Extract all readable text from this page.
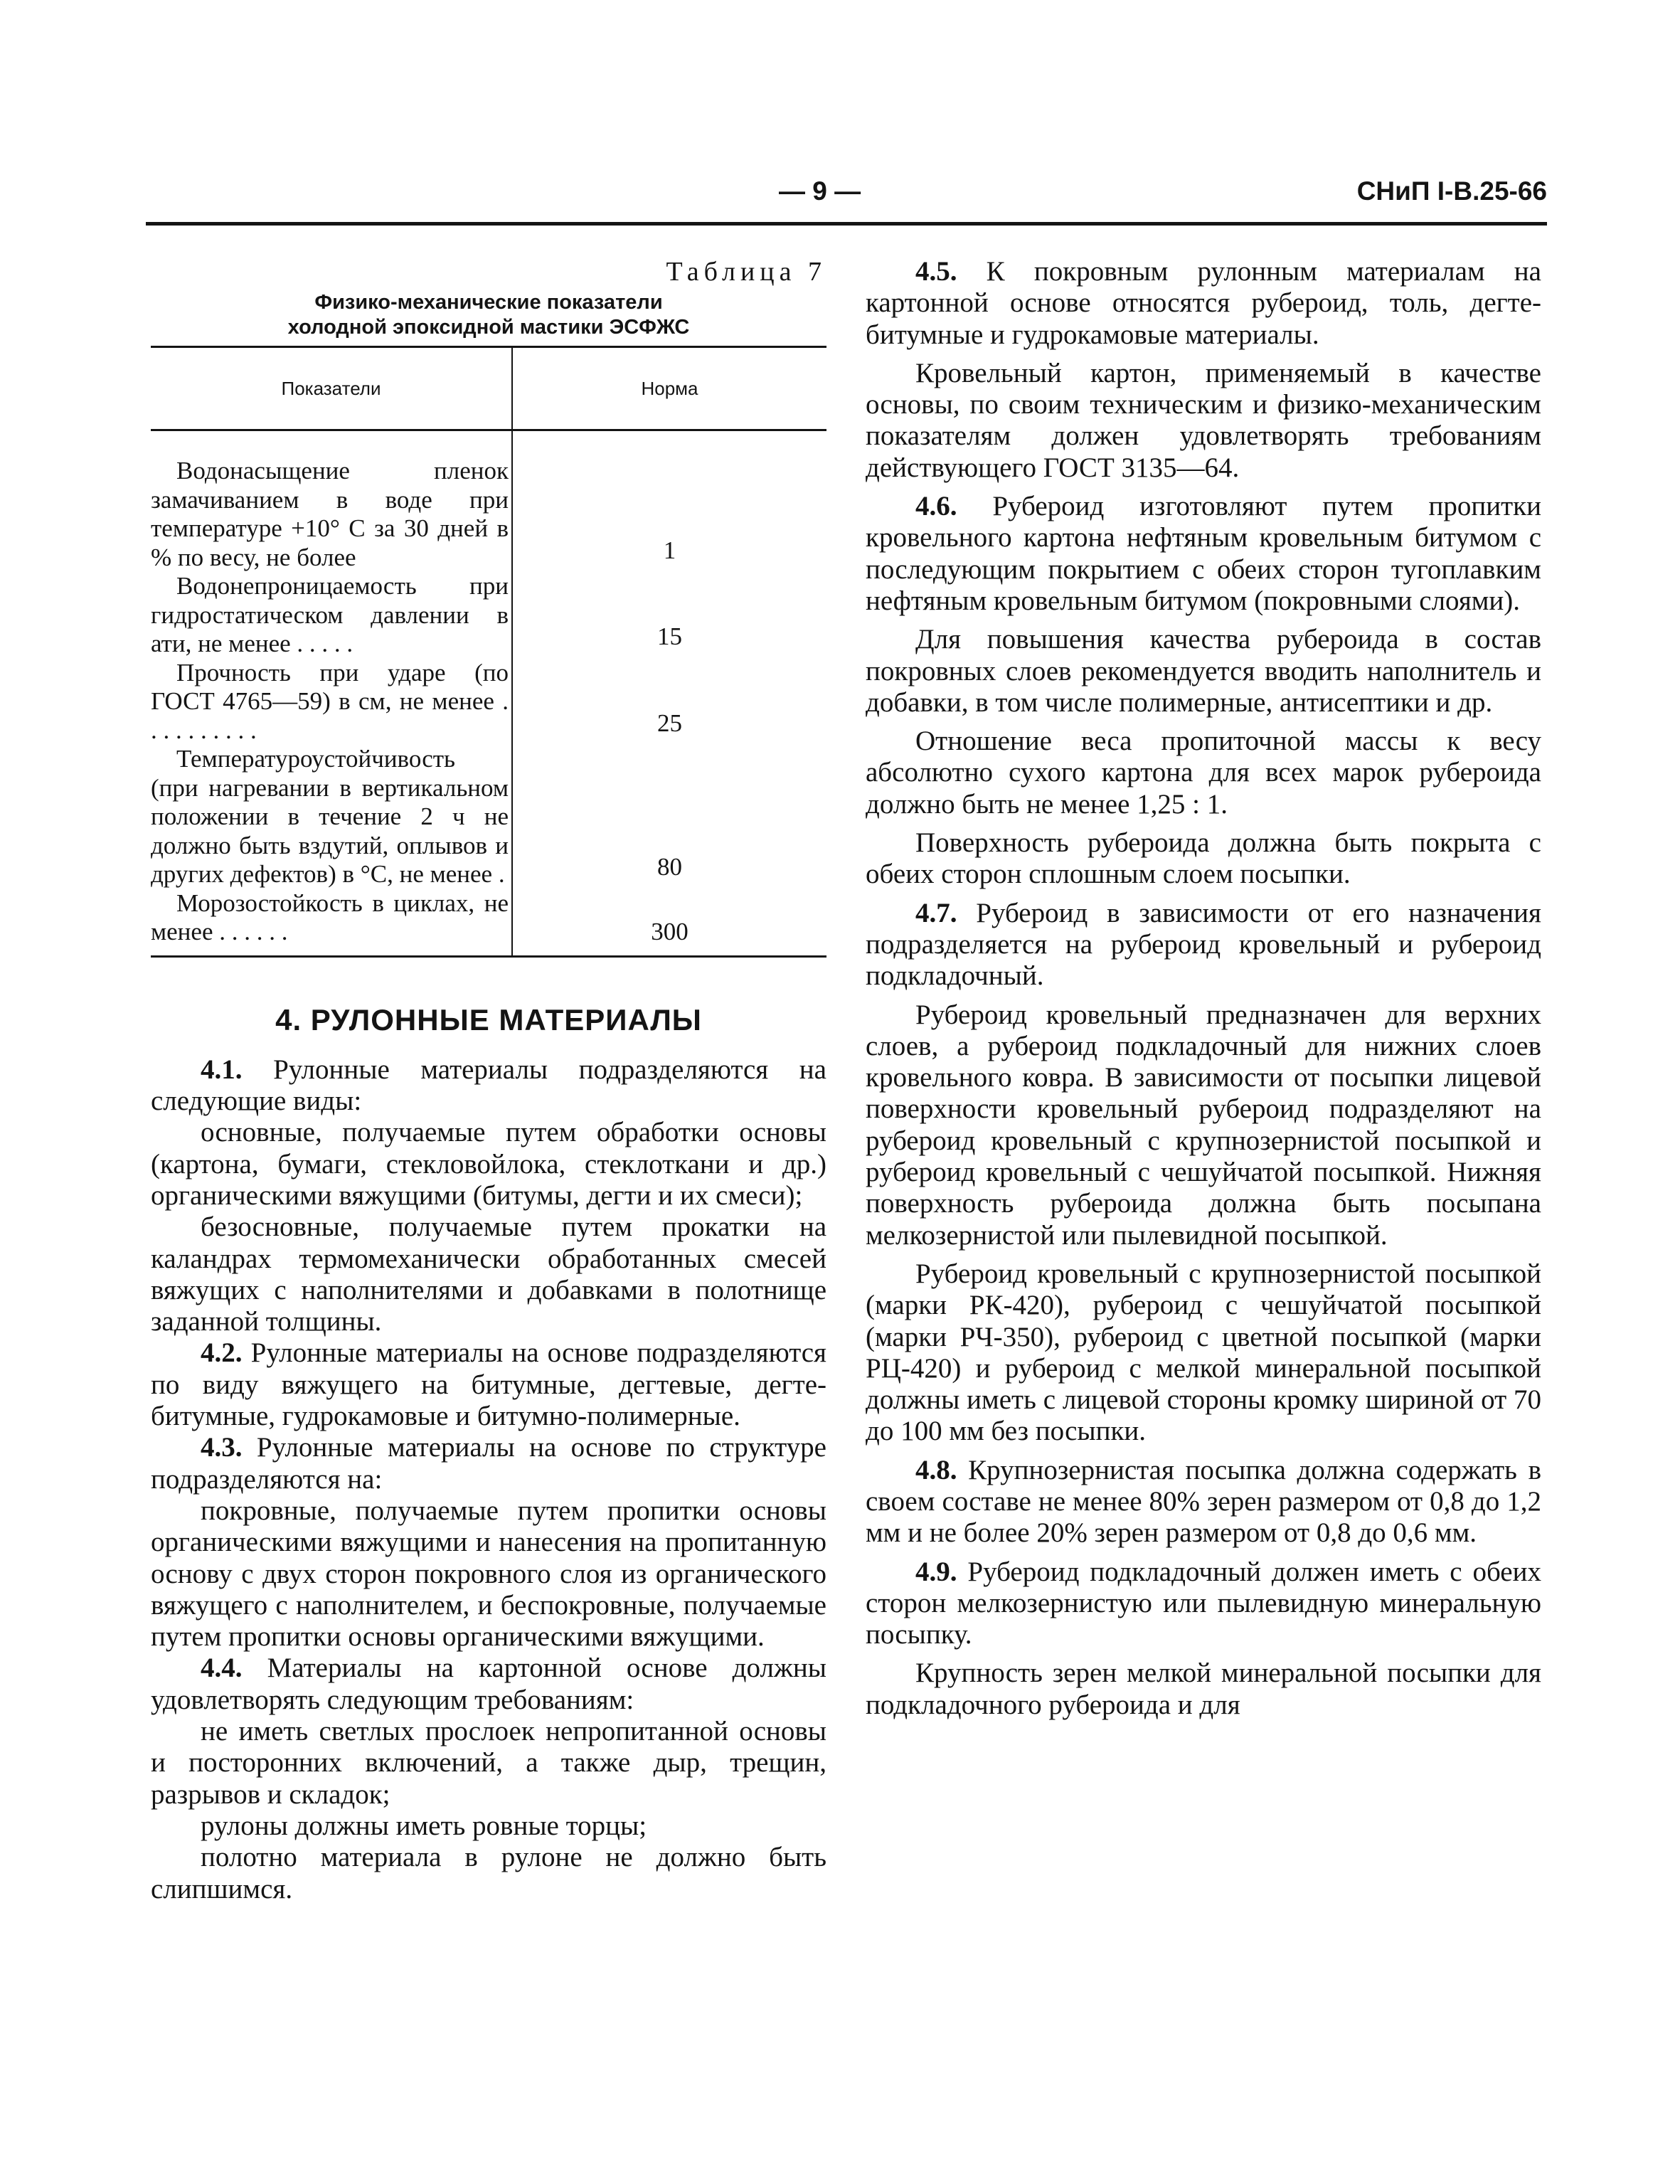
— 9 —	СНиП I-В.25-66

Таблица 7

Физико-механические показатели
холодной эпоксидной мастики ЭСФЖС

Показатели	Норма
Водонасыщение пленок замачиванием в воде при температуре +10° С за 30 дней в % по весу, не более	1
Водонепроницаемость при гидростатическом давлении в ати, не менее . . . . .	15
Прочность при ударе (по ГОСТ 4765—59) в см, не менее . . . . . . . . . .	25
Температуроустойчивость (при нагревании в вертикальном положении в течение 2 ч не должно быть вздутий, оплывов и других дефектов) в °С, не менее .	80
Морозостойкость в циклах, не менее . . . . . .	300
4. РУЛОННЫЕ МАТЕРИАЛЫ

4.1. Рулонные материалы подразделяются на следующие виды:

основные, получаемые путем обработки основы (картона, бумаги, стекловойлока, стеклоткани и др.) органическими вяжущими (битумы, дегти и их смеси);

безосновные, получаемые путем прокатки на каландрах термомеханически обработанных смесей вяжущих с наполнителями и добавками в полотнище заданной толщины.

4.2. Рулонные материалы на основе подразделяются по виду вяжущего на битумные, дегтевые, дегте-битумные, гудрокамовые и битумно-полимерные.

4.3. Рулонные материалы на основе по структуре подразделяются на:

покровные, получаемые путем пропитки основы органическими вяжущими и нанесения на пропитанную основу с двух сторон покровного слоя из органического вяжущего с наполнителем, и беспокровные, получаемые путем пропитки основы органическими вяжущими.

4.4. Материалы на картонной основе должны удовлетворять следующим требованиям:

не иметь светлых прослоек непропитанной основы и посторонних включений, а также дыр, трещин, разрывов и складок;

рулоны должны иметь ровные торцы;

полотно материала в рулоне не должно быть слипшимся.

4.5. К покровным рулонным материалам на картонной основе относятся рубероид, толь, дегте-битумные и гудрокамовые материалы.

Кровельный картон, применяемый в качестве основы, по своим техническим и физико-механическим показателям должен удовлетворять требованиям действующего ГОСТ 3135—64.

4.6. Рубероид изготовляют путем пропитки кровельного картона нефтяным кровельным битумом с последующим покрытием с обеих сторон тугоплавким нефтяным кровельным битумом (покровными слоями).

Для повышения качества рубероида в состав покровных слоев рекомендуется вводить наполнитель и добавки, в том числе полимерные, антисептики и др.

Отношение веса пропиточной массы к весу абсолютно сухого картона для всех марок рубероида должно быть не менее 1,25 : 1.

Поверхность рубероида должна быть покрыта с обеих сторон сплошным слоем посыпки.

4.7. Рубероид в зависимости от его назначения подразделяется на рубероид кровельный и рубероид подкладочный.

Рубероид кровельный предназначен для верхних слоев, а рубероид подкладочный для нижних слоев кровельного ковра. В зависимости от посыпки лицевой поверхности кровельный рубероид подразделяют на рубероид кровельный с крупнозернистой посыпкой и рубероид кровельный с чешуйчатой посыпкой. Нижняя поверхность рубероида должна быть посыпана мелкозернистой или пылевидной посыпкой.

Рубероид кровельный с крупнозернистой посыпкой (марки РК-420), рубероид с чешуйчатой посыпкой (марки РЧ-350), рубероид с цветной посыпкой (марки РЦ-420) и рубероид с мелкой минеральной посыпкой должны иметь с лицевой стороны кромку шириной от 70 до 100 мм без посыпки.

4.8. Крупнозернистая посыпка должна содержать в своем составе не менее 80% зерен размером от 0,8 до 1,2 мм и не более 20% зерен размером от 0,8 до 0,6 мм.

4.9. Рубероид подкладочный должен иметь с обеих сторон мелкозернистую или пылевидную минеральную посыпку.

Крупность зерен мелкой минеральной посыпки для подкладочного рубероида и для
